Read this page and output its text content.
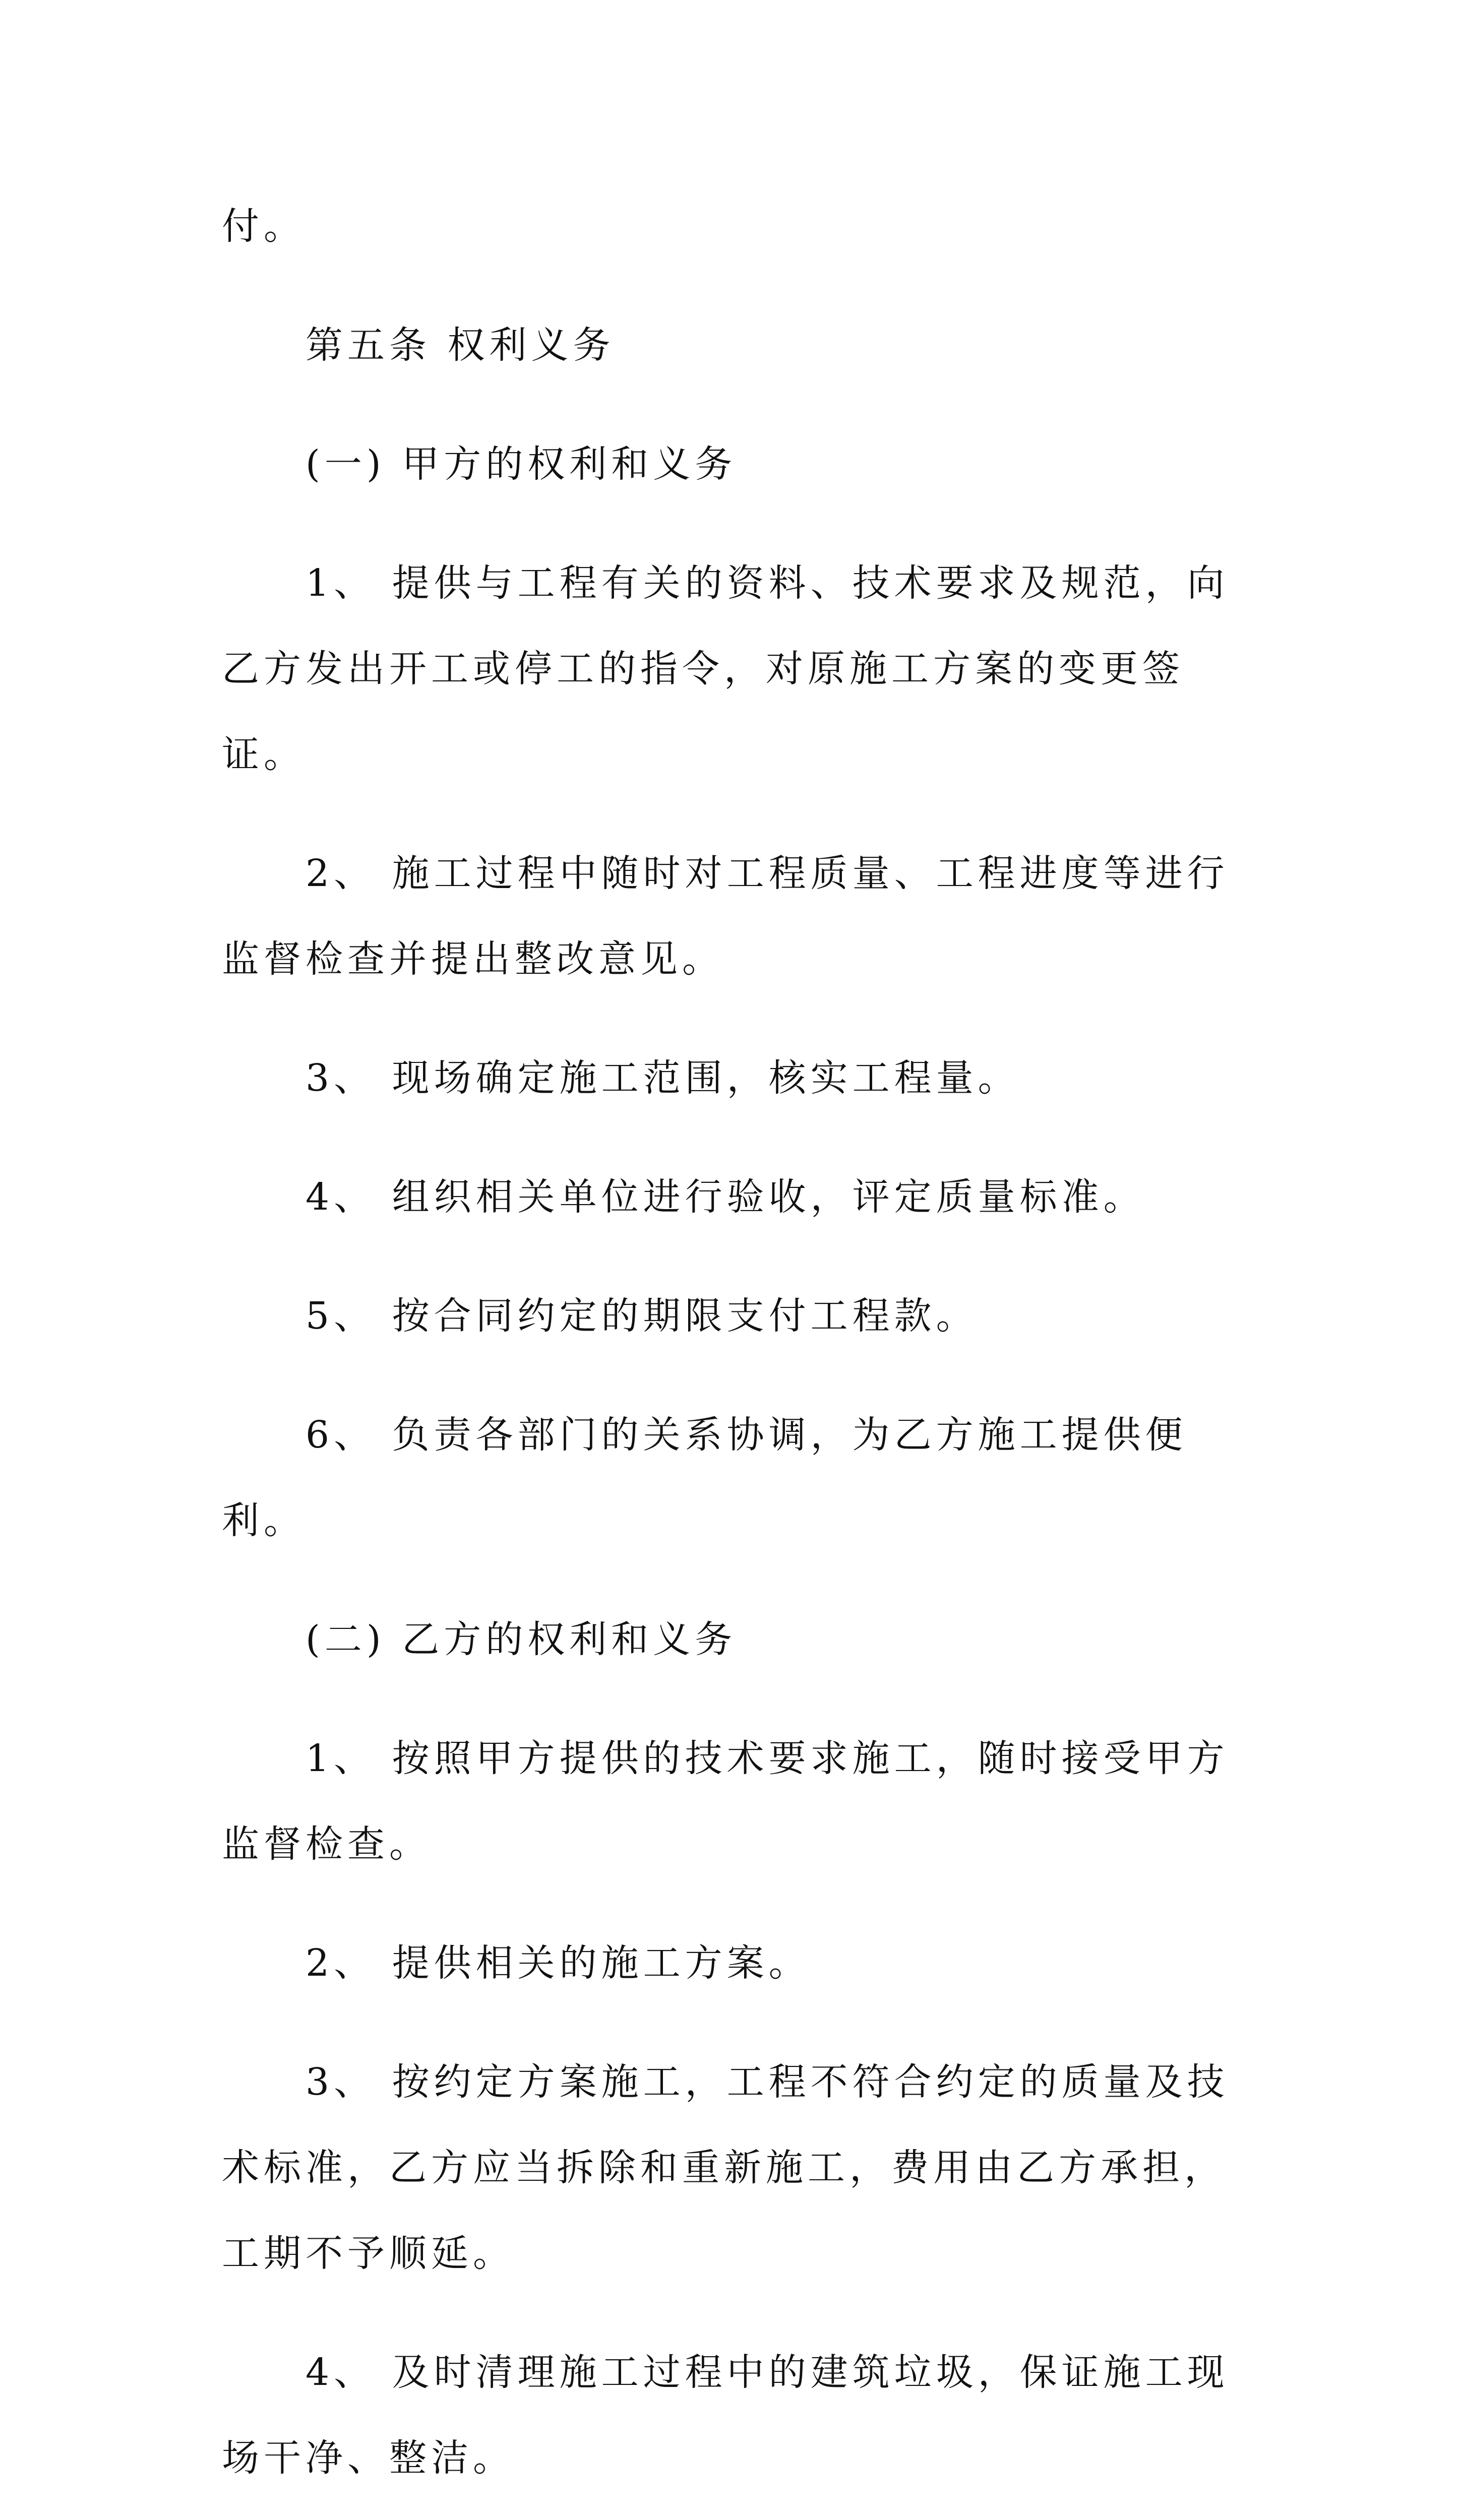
付。

第五条 权利义务

(一) 甲方的权利和义务

1、 提供与工程有关的资料、技术要求及规范，向乙方发出开工或停工的指令，对原施工方案的变更签证。

2、 施工过程中随时对工程质量、工程进度等进行监督检查并提出整改意见。

3、 现场确定施工范围，核实工程量。

4、 组织相关单位进行验收，评定质量标准。

5、 按合同约定的期限支付工程款。

6、 负责各部门的关系协调，为乙方施工提供便利。

(二) 乙方的权利和义务

1、 按照甲方提供的技术要求施工，随时接受甲方监督检查。

2、 提供相关的施工方案。

3、 按约定方案施工，工程不符合约定的质量及技术标准，乙方应当拆除和重新施工，费用由乙方承担，工期不予顺延。

4、 及时清理施工过程中的建筑垃圾，保证施工现场干净、整洁。
